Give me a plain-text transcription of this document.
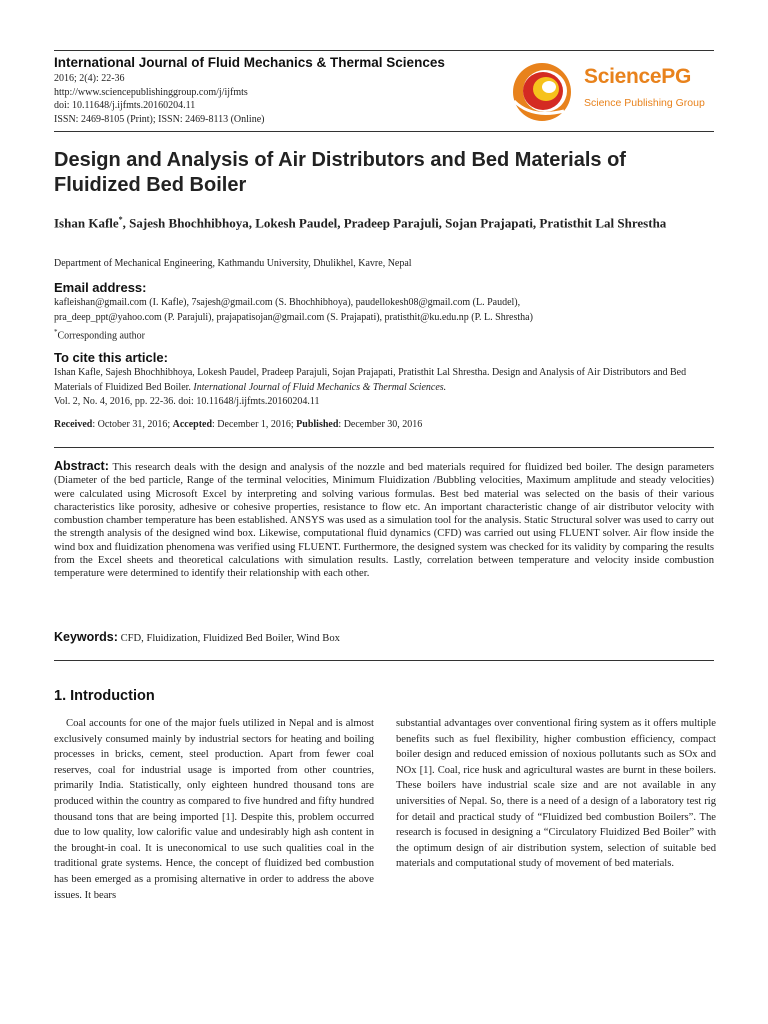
International Journal of Fluid Mechanics & Thermal Sciences
2016; 2(4): 22-36
http://www.sciencepublishinggroup.com/j/ijfmts
doi: 10.11648/j.ijfmts.20160204.11
ISSN: 2469-8105 (Print); ISSN: 2469-8113 (Online)
SciencePG
Science Publishing Group
Design and Analysis of Air Distributors and Bed Materials of Fluidized Bed Boiler
Ishan Kafle*, Sajesh Bhochhibhoya, Lokesh Paudel, Pradeep Parajuli, Sojan Prajapati, Pratisthit Lal Shrestha
Department of Mechanical Engineering, Kathmandu University, Dhulikhel, Kavre, Nepal
Email address:
kafleishan@gmail.com (I. Kafle), 7sajesh@gmail.com (S. Bhochhibhoya), paudellokesh08@gmail.com (L. Paudel),
pra_deep_ppt@yahoo.com (P. Parajuli), prajapatisojan@gmail.com (S. Prajapati), pratisthit@ku.edu.np (P. L. Shrestha)
*Corresponding author
To cite this article:
Ishan Kafle, Sajesh Bhochhibhoya, Lokesh Paudel, Pradeep Parajuli, Sojan Prajapati, Pratisthit Lal Shrestha. Design and Analysis of Air Distributors and Bed Materials of Fluidized Bed Boiler. International Journal of Fluid Mechanics & Thermal Sciences.
Vol. 2, No. 4, 2016, pp. 22-36. doi: 10.11648/j.ijfmts.20160204.11
Received: October 31, 2016; Accepted: December 1, 2016; Published: December 30, 2016
Abstract: This research deals with the design and analysis of the nozzle and bed materials required for fluidized bed boiler. The design parameters (Diameter of the bed particle, Range of the terminal velocities, Minimum Fluidization /Bubbling velocities, Maximum amplitude and steady velocities) were calculated using Microsoft Excel by interpreting and solving various formulas. Best bed material was selected on the basis of their various characteristics like porosity, adhesive or cohesive properties, resistance to flow etc. An important characteristic change of air distributor velocity with combustion chamber temperature has been established. ANSYS was used as a simulation tool for the analysis. Static Structural solver was used to carry out the strength analysis of the designed wind box. Likewise, computational fluid dynamics (CFD) was carried out using FLUENT solver. Air flow inside the wind box and fluidization phenomena was verified using FLUENT. Furthermore, the designed system was checked for its validity by comparing the results from the Excel sheets and theoretical calculations with simulation results. Lastly, correlation between temperature and velocity inside combustion temperature were determined to identify their relationship with each other.
Keywords: CFD, Fluidization, Fluidized Bed Boiler, Wind Box
1. Introduction
Coal accounts for one of the major fuels utilized in Nepal and is almost exclusively consumed mainly by industrial sectors for heating and boiling processes in bricks, cement, steel production. Apart from fewer coal reserves, coal for industrial usage is imported from other countries, primarily India. Statistically, only eighteen hundred thousand tons are produced within the country as compared to five hundred and fifty hundred thousand tons that are being imported [1]. Despite this, problem occurred due to low quality, low calorific value and undesirably high ash content in the brought-in coal. It is uneconomical to use such qualities coal in the traditional grate systems. Hence, the concept of fluidized bed combustion has been emerged as a promising alternative in order to address the above issues. It bears
substantial advantages over conventional firing system as it offers multiple benefits such as fuel flexibility, higher combustion efficiency, compact boiler design and reduced emission of noxious pollutants such as SOx and NOx [1]. Coal, rice husk and agricultural wastes are burnt in these boilers. These boilers have industrial scale size and are not available in any universities of Nepal. So, there is a need of a design of a laboratory test rig for detail and practical study of “Fluidized bed combustion Boilers”. The research is focused in designing a “Circulatory Fluidized Bed Boiler” with the optimum design of air distribution system, selection of suitable bed materials and computational study of movement of bed materials.
